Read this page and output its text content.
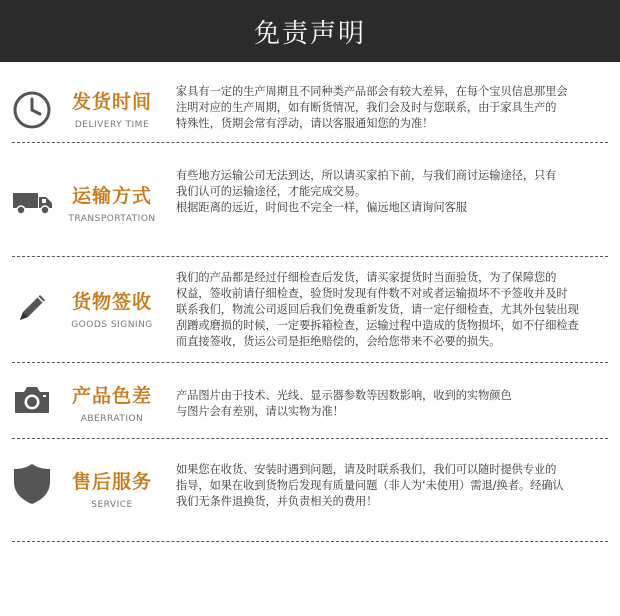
免责声明
发货时间
DELIVERY TIME
家具有一定的生产周期且不同种类产品部会有较大差异，在每个宝贝信息那里会
注明对应的生产周期，如有断货情况，我们会及时与您联系，由于家具生产的
特殊性，货期会常有浮动，请以客服通知您的为准！
运输方式
TRANSPORTATION
有些地方运输公司无法到达，所以请买家拍下前，与我们商讨运输途径，只有
我们认可的运输途径，才能完成交易。
根据距离的远近，时间也不完全一样，偏远地区请询问客服
货物签收
GOODS SIGNING
我们的产品都是经过仔细检查后发货，请买家提货时当面验货，为了保障您的
权益，签收前请仔细检查，验货时发现有件数不对或者运输损坏不予签收并及时
联系我们，物流公司返回后我们免费重新发货，请一定仔细检查，尤其外包装出现
刮蹭或磨损的时候，一定要拆箱检查，运输过程中造成的货物损坏，如不仔细检查
而直接签收，货运公司是拒绝赔偿的，会给您带来不必要的损失。
产品色差
ABERRATION
产品图片由于技术、光线、显示器参数等因数影响，收到的实物颜色
与图片会有差别，请以实物为准！
售后服务
SERVICE
如果您在收货、安装时遇到问题，请及时联系我们，我们可以随时提供专业的
指导，如果在收到货物后发现有质量问题（非人为‘未使用）需退/换者。经确认
我们无条件退换货，并负责相关的费用！
